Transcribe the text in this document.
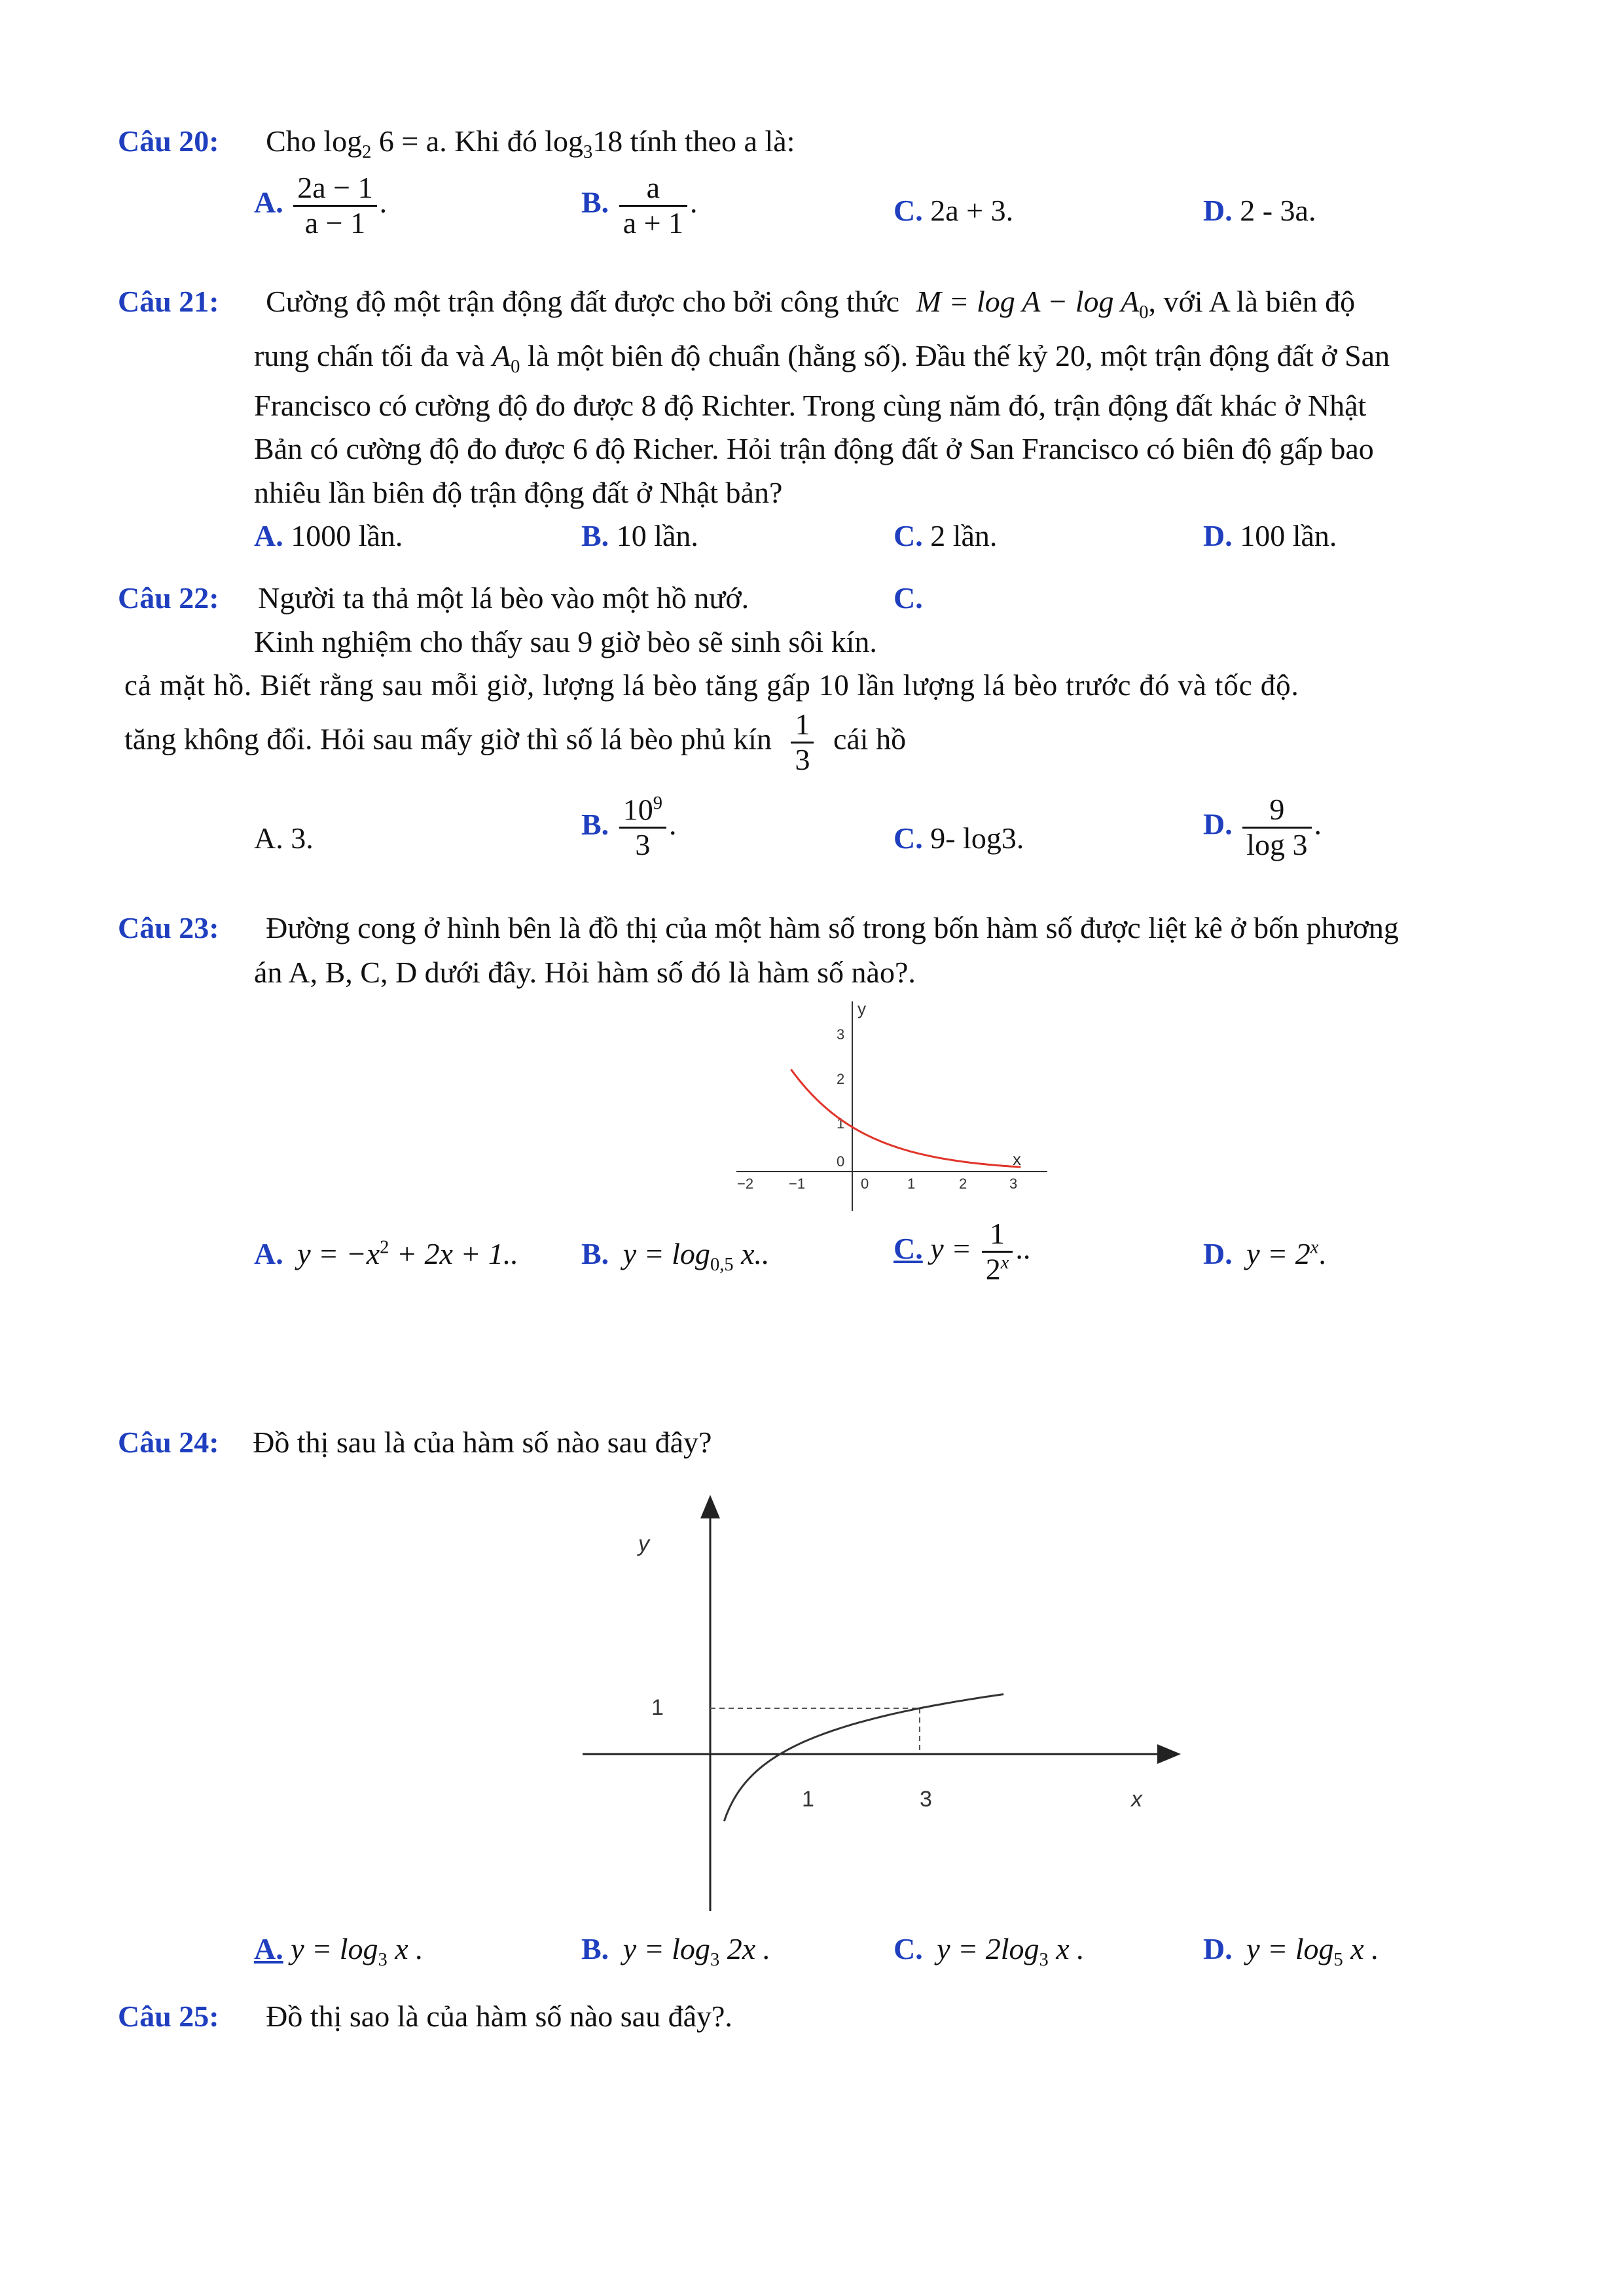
Câu 20: Cho $\log_2 6 = a$. Khi đó $\log_318$ tính theo a là:
A. $\frac{2a - 1}{a - 1}$ .	B. $\frac{a}{a + 1}$ .	C. 2a + 3.	D. 2 - 3a.
Câu 21: Cường độ một trận động đất được cho bởi công thức $M = \log A - \log A_0$, với A là biên độ
rung chấn tối đa và $A_0$ là một biên độ chuẩn (hằng số). Đầu thế kỷ 20, một trận động đất ở San
Francisco có cường độ đo được 8 độ Richter. Trong cùng năm đó, trận động đất khác ở Nhật
Bản có cường độ đo được 6 độ Richer. Hỏi trận động đất ở San Francisco có biên độ gấp bao
nhiêu lần biên độ trận động đất ở Nhật bản?
A. 1000 lần.	B. 10 lần.	C. 2 lần.	D. 100 lần.
Câu 22: Người ta thả một lá bèo vào một hồ nướ.	C.
Kinh nghiệm cho thấy sau 9 giờ bèo sẽ sinh sôi kín.
cả mặt hồ. Biết rằng sau mỗi giờ, lượng lá bèo tăng gấp 10 lần lượng lá bèo trước đó và tốc độ.
tăng không đổi. Hỏi sau mấy giờ thì số lá bèo phủ kín $\frac{1}{3}$ cái hồ
A. 3.	B. $\frac{10^9}{3}$ .	C. 9- log3.	D. $\frac{9}{\log 3}$ .
Câu 23: Đường cong ở hình bên là đồ thị của một hàm số trong bốn hàm số được liệt kê ở bốn phương
án A, B, C, D dưới đây. Hỏi hàm số đó là hàm số nào?.
y
x
3
2
1
0
−2 −1	0	1	2	3
A. $y = -x^2 + 2x + 1$.. B. $y = \log_{0,5} x$..	C. $y = \frac{1}{2^x}$ ..	D. $y = 2^x$.
Câu 24: Đồ thị sau là của hàm số nào sau đây?
y
x
1
1	3
A. $y = \log_3 x$ .	B. $y = \log_3 2x$ .	C. $y = 2\log_3$ x .	D. $y = \log_5 x$ .
Câu 25: Đồ thị sao là của hàm số nào sau đây?.
